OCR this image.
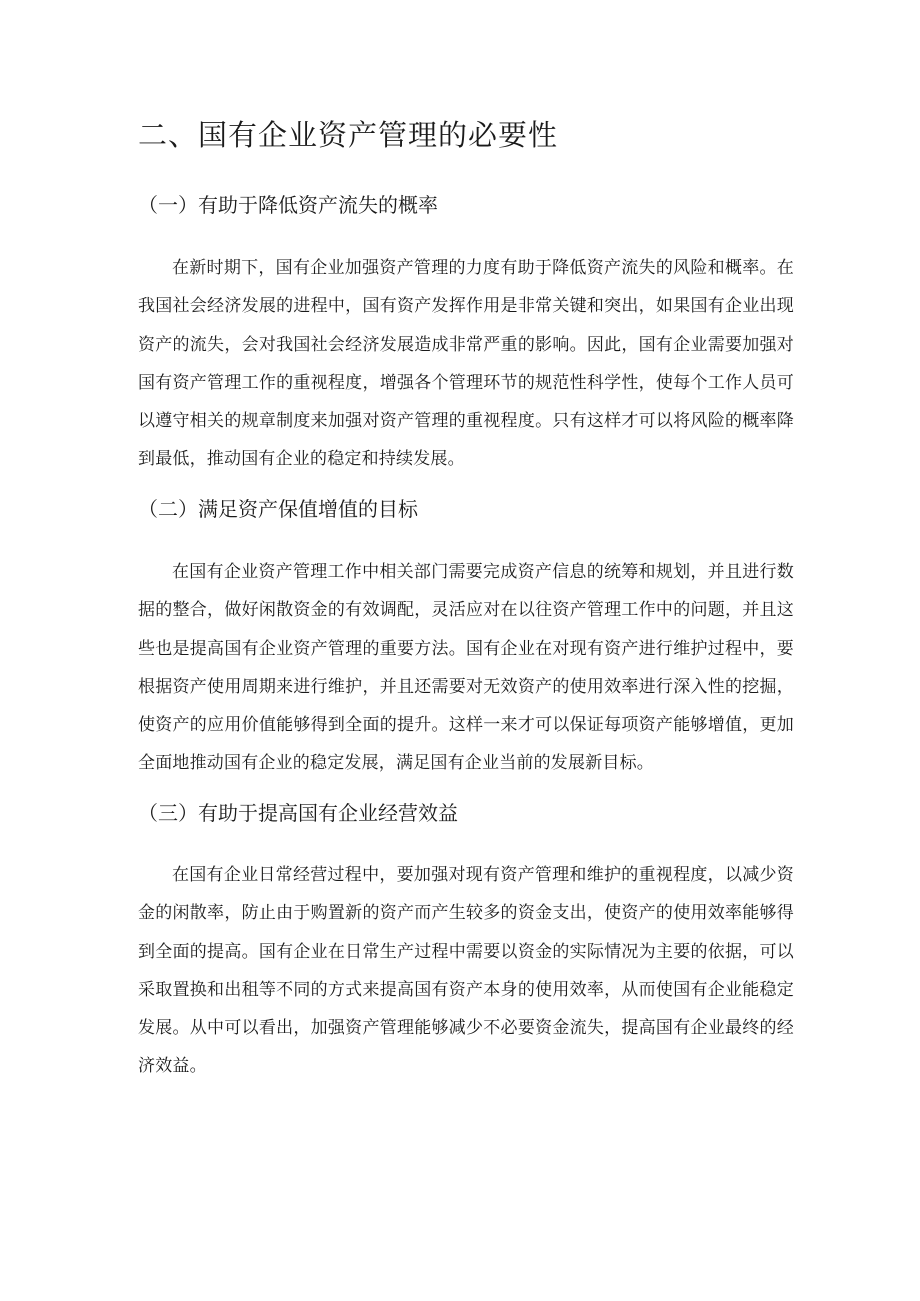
二、国有企业资产管理的必要性
（一）有助于降低资产流失的概率

在新时期下，国有企业加强资产管理的力度有助于降低资产流失的风险和概率。在我国社会经济发展的进程中，国有资产发挥作用是非常关键和突出，如果国有企业出现资产的流失，会对我国社会经济发展造成非常严重的影响。因此，国有企业需要加强对国有资产管理工作的重视程度，增强各个管理环节的规范性科学性，使每个工作人员可以遵守相关的规章制度来加强对资产管理的重视程度。只有这样才可以将风险的概率降到最低，推动国有企业的稳定和持续发展。

（二）满足资产保值增值的目标

在国有企业资产管理工作中相关部门需要完成资产信息的统筹和规划，并且进行数据的整合，做好闲散资金的有效调配，灵活应对在以往资产管理工作中的问题，并且这些也是提高国有企业资产管理的重要方法。国有企业在对现有资产进行维护过程中，要根据资产使用周期来进行维护，并且还需要对无效资产的使用效率进行深入性的挖掘，使资产的应用价值能够得到全面的提升。这样一来才可以保证每项资产能够增值，更加全面地推动国有企业的稳定发展，满足国有企业当前的发展新目标。

（三）有助于提高国有企业经营效益

在国有企业日常经营过程中，要加强对现有资产管理和维护的重视程度，以减少资金的闲散率，防止由于购置新的资产而产生较多的资金支出，使资产的使用效率能够得到全面的提高。国有企业在日常生产过程中需要以资金的实际情况为主要的依据，可以采取置换和出租等不同的方式来提高国有资产本身的使用效率，从而使国有企业能稳定发展。从中可以看出，加强资产管理能够减少不必要资金流失，提高国有企业最终的经济效益。
